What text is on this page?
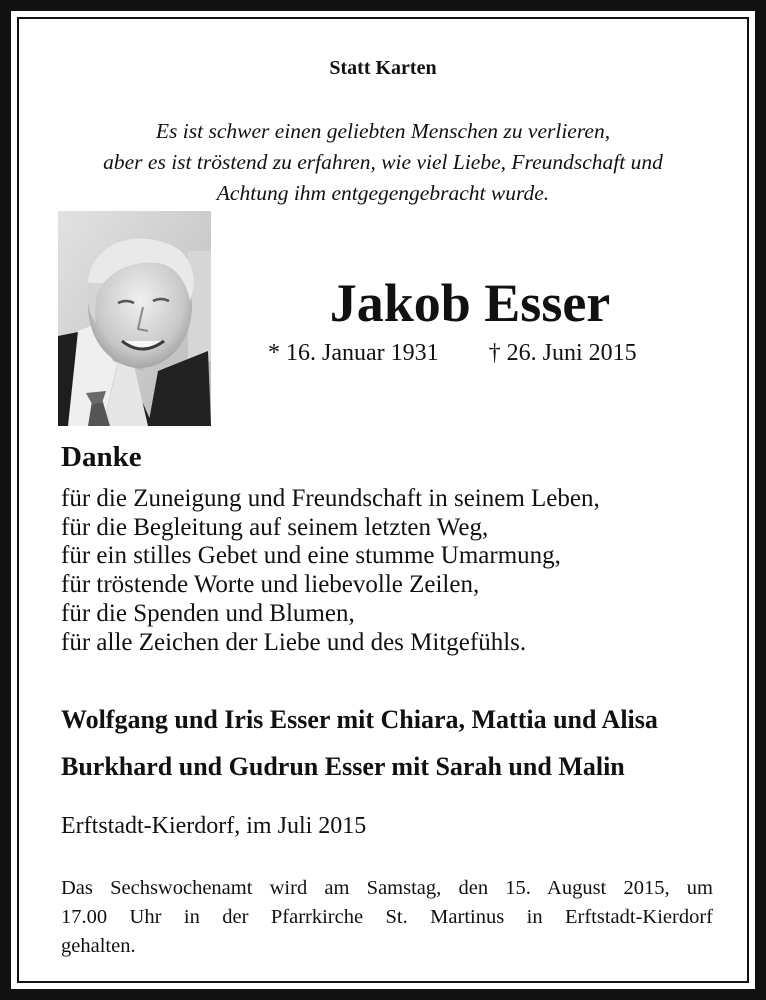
Statt Karten
Es ist schwer einen geliebten Menschen zu verlieren,
aber es ist tröstend zu erfahren, wie viel Liebe, Freundschaft und
Achtung ihm entgegengebracht wurde.
Jakob Esser
* 16. Januar 1931 † 26. Juni 2015
Danke
für die Zuneigung und Freundschaft in seinem Leben,
für die Begleitung auf seinem letzten Weg,
für ein stilles Gebet und eine stumme Umarmung,
für tröstende Worte und liebevolle Zeilen,
für die Spenden und Blumen,
für alle Zeichen der Liebe und des Mitgefühls.
Wolfgang und Iris Esser mit Chiara, Mattia und Alisa
Burkhard und Gudrun Esser mit Sarah und Malin
Erftstadt-Kierdorf, im Juli 2015
Das Sechswochenamt wird am Samstag, den 15. August 2015, um
17.00 Uhr in der Pfarrkirche St. Martinus in Erftstadt-Kierdorf
gehalten.
